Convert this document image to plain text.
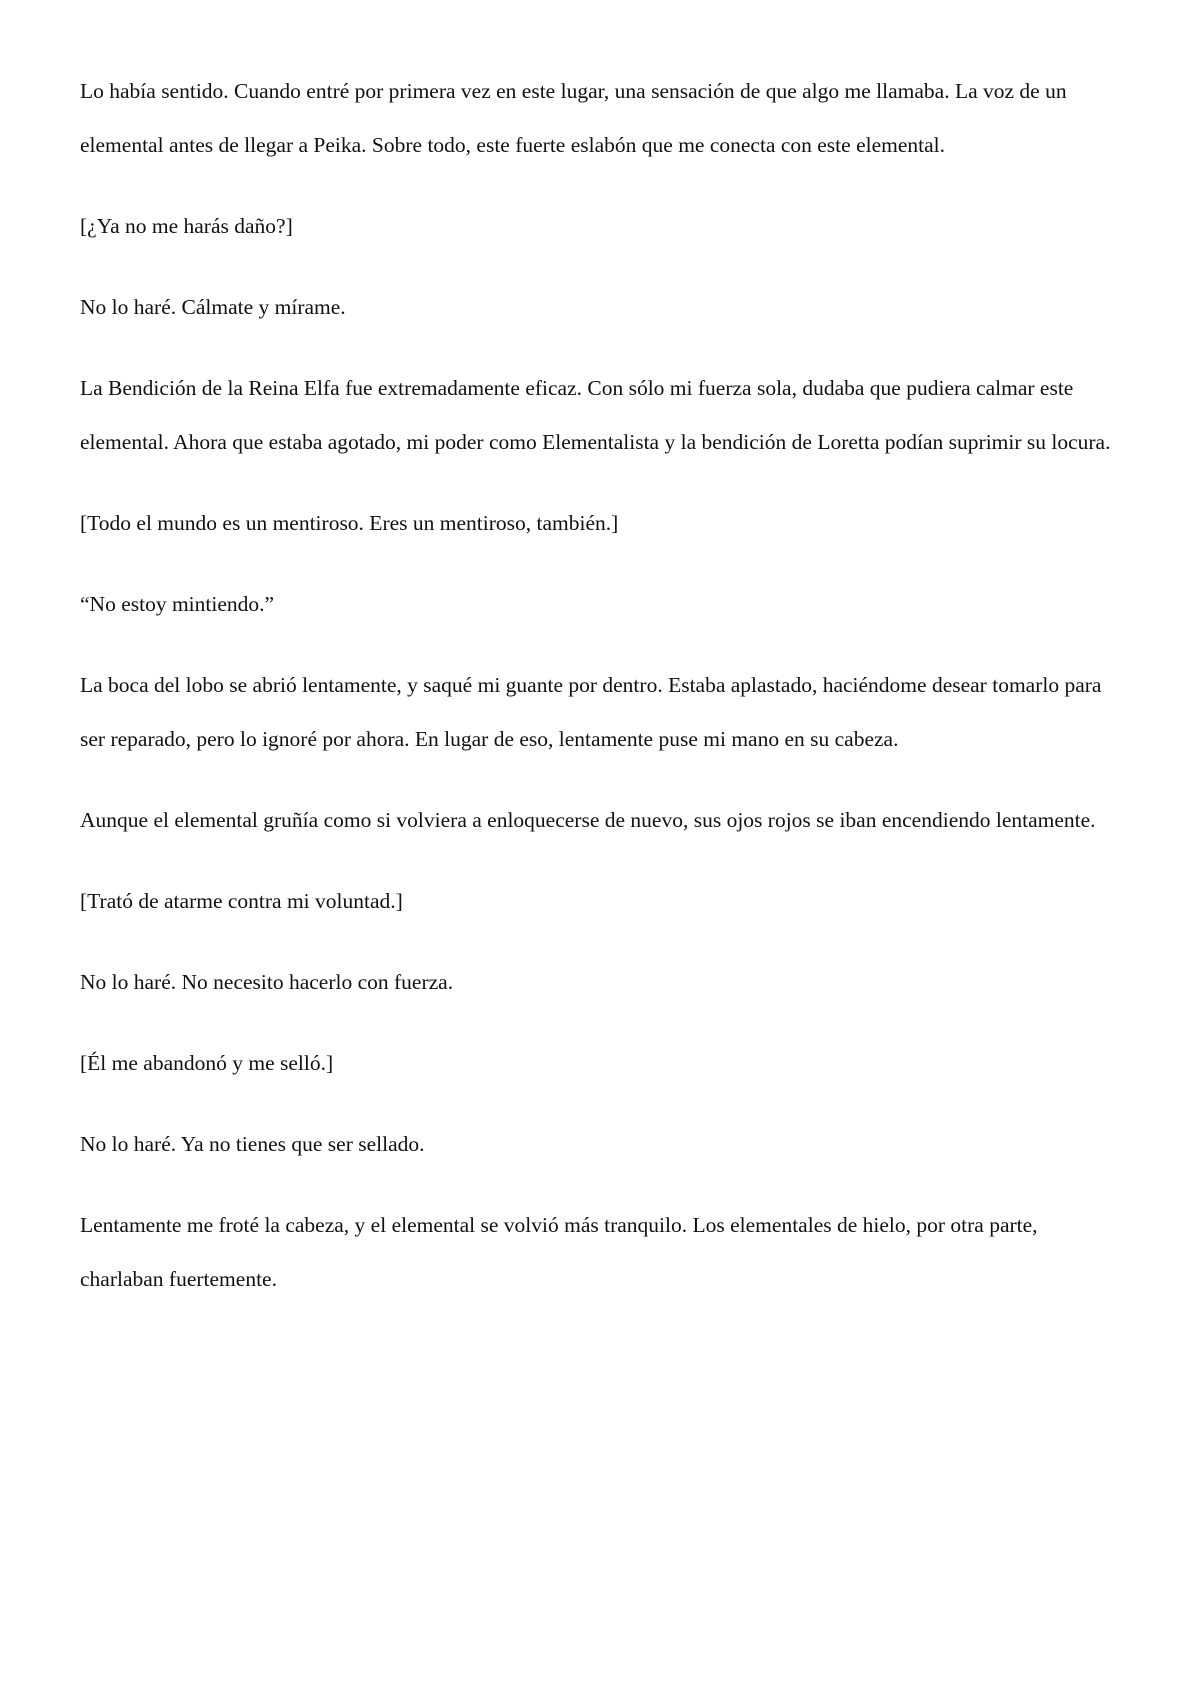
Lo había sentido. Cuando entré por primera vez en este lugar, una sensación de que algo me llamaba. La voz de un elemental antes de llegar a Peika. Sobre todo, este fuerte eslabón que me conecta con este elemental.

[¿Ya no me harás daño?]

No lo haré. Cálmate y mírame.

La Bendición de la Reina Elfa fue extremadamente eficaz. Con sólo mi fuerza sola, dudaba que pudiera calmar este elemental. Ahora que estaba agotado, mi poder como Elementalista y la bendición de Loretta podían suprimir su locura.

[Todo el mundo es un mentiroso. Eres un mentiroso, también.]

“No estoy mintiendo.”

La boca del lobo se abrió lentamente, y saqué mi guante por dentro. Estaba aplastado, haciéndome desear tomarlo para ser reparado, pero lo ignoré por ahora. En lugar de eso, lentamente puse mi mano en su cabeza.

Aunque el elemental gruñía como si volviera a enloquecerse de nuevo, sus ojos rojos se iban encendiendo lentamente.

[Trató de atarme contra mi voluntad.]

No lo haré. No necesito hacerlo con fuerza.

[Él me abandonó y me selló.]

No lo haré. Ya no tienes que ser sellado.

Lentamente me froté la cabeza, y el elemental se volvió más tranquilo. Los elementales de hielo, por otra parte, charlaban fuertemente.
